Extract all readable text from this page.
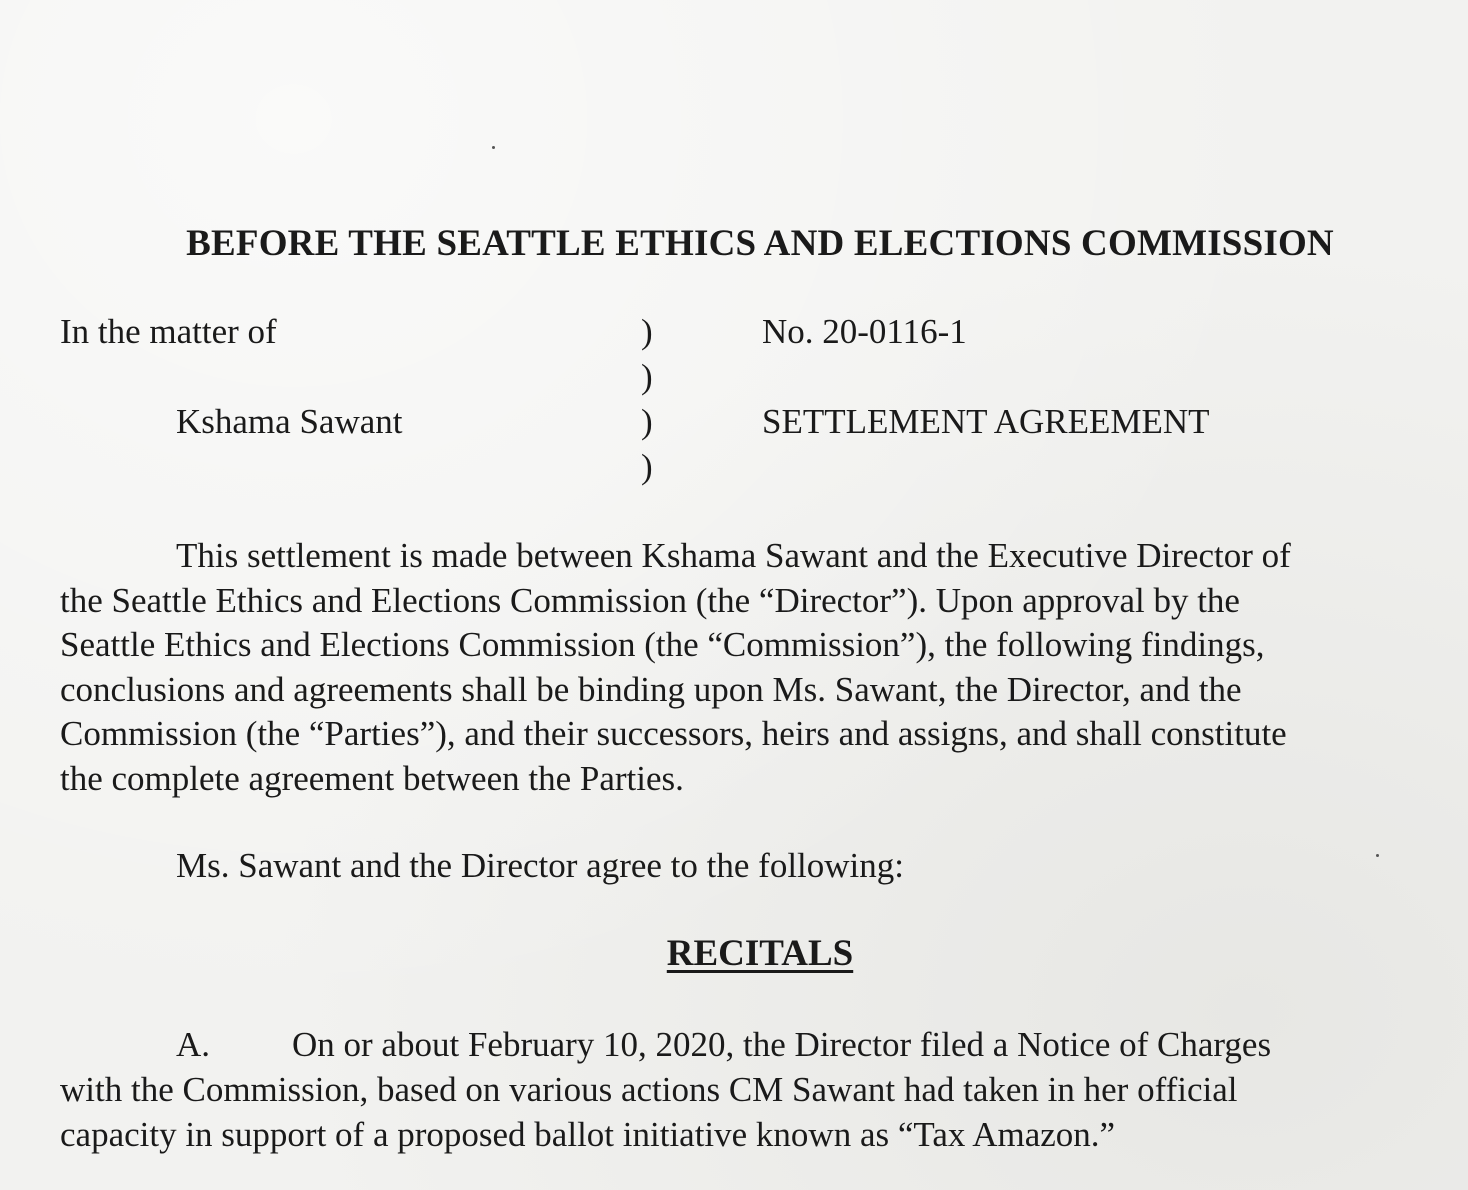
BEFORE THE SEATTLE ETHICS AND ELECTIONS COMMISSION
In the matter of
Kshama Sawant
)
)
)
)
No. 20-0116-1
SETTLEMENT AGREEMENT
This settlement is made between Kshama Sawant and the Executive Director of
the Seattle Ethics and Elections Commission (the “Director”). Upon approval by the
Seattle Ethics and Elections Commission (the “Commission”), the following findings,
conclusions and agreements shall be binding upon Ms. Sawant, the Director, and the
Commission (the “Parties”), and their successors, heirs and assigns, and shall constitute
the complete agreement between the Parties.
Ms. Sawant and the Director agree to the following:
RECITALS
A. On or about February 10, 2020, the Director filed a Notice of Charges
with the Commission, based on various actions CM Sawant had taken in her official
capacity in support of a proposed ballot initiative known as “Tax Amazon.”
